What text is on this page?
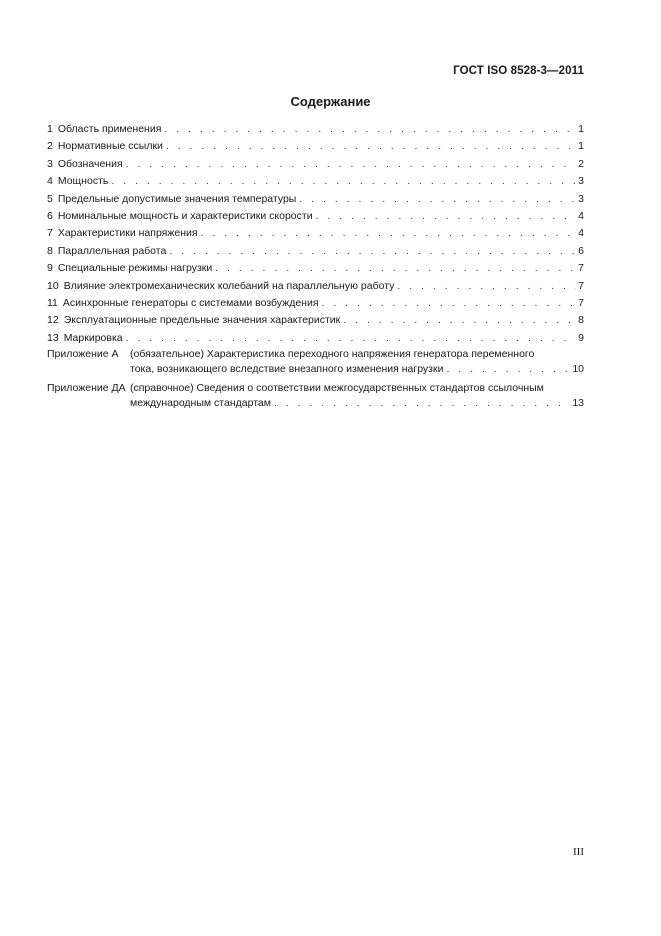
ГОСТ ISO 8528-3—2011
Содержание
1 Область применения . . .	1
2 Нормативные ссылки . . .	1
3 Обозначения . . .	2
4 Мощность . . .	3
5 Предельные допустимые значения температуры . . .	3
6 Номинальные мощность и характеристики скорости . . .	4
7 Характеристики напряжения . . .	4
8 Параллельная работа . . .	6
9 Специальные режимы нагрузки . . .	7
10 Влияние электромеханических колебаний на параллельную работу . . .	7
11 Асинхронные генераторы с системами возбуждения . . .	7
12 Эксплуатационные предельные значения характеристик . . .	8
13 Маркировка . . .	9
Приложение А	(обязательное) Характеристика переходного напряжения генератора переменного
тока, возникающего вследствие внезапного изменения нагрузки . . .	10
Приложение ДА (справочное) Сведения о соответствии межгосударственных стандартов ссылочным
международным стандартам . . .	13
III
